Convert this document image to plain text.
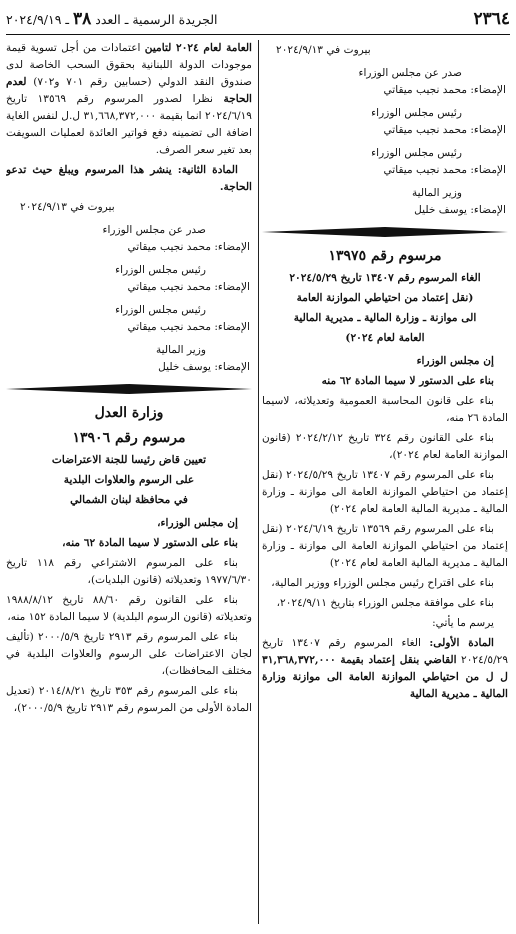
٢٣٦٤
الجريدة الرسمية ـ العدد ٣٨ ـ ٢٠٢٤/٩/١٩
بيروت في ٢٠٢٤/٩/١٣
صدر عن مجلس الوزراء
الإمضاء: محمد نجيب ميقاتي
رئيس مجلس الوزراء
الإمضاء: محمد نجيب ميقاتي
رئيس مجلس الوزراء
الإمضاء: محمد نجيب ميقاتي
وزير المالية
الإمضاء: يوسف خليل
مرسوم رقم ١٣٩٧٥
الغاء المرسوم رقم ١٣٤٠٧ تاريخ ٢٠٢٤/٥/٢٩
(نقل إعتماد من احتياطي الموازنة العامة
الى موازنة ـ وزارة المالية ـ مديرية المالية
العامة لعام ٢٠٢٤)
إن مجلس الوزراء
بناء على الدستور لا سيما المادة ٦٢ منه
بناء على قانون المحاسبة العمومية وتعديلاته، لاسيما المادة ٢٦ منه،
بناء على القانون رقم ٣٢٤ تاريخ ٢٠٢٤/٢/١٢ (قانون الموازنة العامة لعام ٢٠٢٤)،
بناء على المرسوم رقم ١٣٤٠٧ تاريخ ٢٠٢٤/٥/٢٩ (نقل إعتماد من احتياطي الموازنة العامة الى موازنة ـ وزارة المالية ـ مديرية المالية العامة لعام ٢٠٢٤)
بناء على المرسوم رقم ١٣٥٦٩ تاريخ ٢٠٢٤/٦/١٩ (نقل إعتماد من احتياطي الموازنة العامة الى موازنة ـ وزارة المالية ـ مديرية المالية العامة لعام ٢٠٢٤)
بناء على اقتراح رئيس مجلس الوزراء ووزير المالية،
بناء على موافقة مجلس الوزراء بتاريخ ٢٠٢٤/٩/١١،
يرسم ما يأتي:
المادة الأولى: الغاء المرسوم رقم ١٣٤٠٧ تاريخ ٢٠٢٤/٥/٢٩ القاضي بنقل إعتماد بقيمة ٣١,٣٦٨,٣٧٢,٠٠٠ ل ل من احتياطي الموازنة العامة الى موازنة وزارة المالية ـ مديرية المالية
العامة لعام ٢٠٢٤ لتامين اعتمادات من أجل تسوية قيمة موجودات الدولة اللبنانية بحقوق السحب الخاصة لدى صندوق النقد الدولي (حسابين رقم ٧٠١ و٧٠٢) لعدم الحاجة نظرا لصدور المرسوم رقم ١٣٥٦٩ تاريخ ٢٠٢٤/٦/١٩ انما بقيمة ٣١,٦٦٨,٣٧٢,٠٠٠ ل.ل لنفس الغاية اضافة الى تضمينه دفع فواتير العائدة لعمليات السويفت بعد تغير سعر الصرف.
المادة الثانية: ينشر هذا المرسوم ويبلغ حيث تدعو الحاجة.
بيروت في ٢٠٢٤/٩/١٣
صدر عن مجلس الوزراء
الإمضاء: محمد نجيب ميقاتي
رئيس مجلس الوزراء
الإمضاء: محمد نجيب ميقاتي
رئيس مجلس الوزراء
الإمضاء: محمد نجيب ميقاتي
وزير المالية
الإمضاء: يوسف خليل
وزارة العدل
مرسوم رقم ١٣٩٠٦
تعيين قاض رئيسا للجنة الاعتراضات
على الرسوم والعلاوات البلدية
في محافظة لبنان الشمالي
إن مجلس الوزراء،
بناء على الدستور لا سيما المادة ٦٢ منه،
بناء على المرسوم الاشتراعي رقم ١١٨ تاريخ ١٩٧٧/٦/٣٠ وتعديلاته (قانون البلديات)،
بناء على القانون رقم ٨٨/٦٠ تاريخ ١٩٨٨/٨/١٢ وتعديلاته (قانون الرسوم البلدية) لا سيما المادة ١٥٢ منه،
بناء على المرسوم رقم ٢٩١٣ تاريخ ٢٠٠٠/٥/٩ (تأليف لجان الاعتراضات على الرسوم والعلاوات البلدية في مختلف المحافظات)،
بناء على المرسوم رقم ٣٥٣ تاريخ ٢٠١٤/٨/٢١ (تعديل المادة الأولى من المرسوم رقم ٢٩١٣ تاريخ ٢٠٠٠/٥/٩)،
